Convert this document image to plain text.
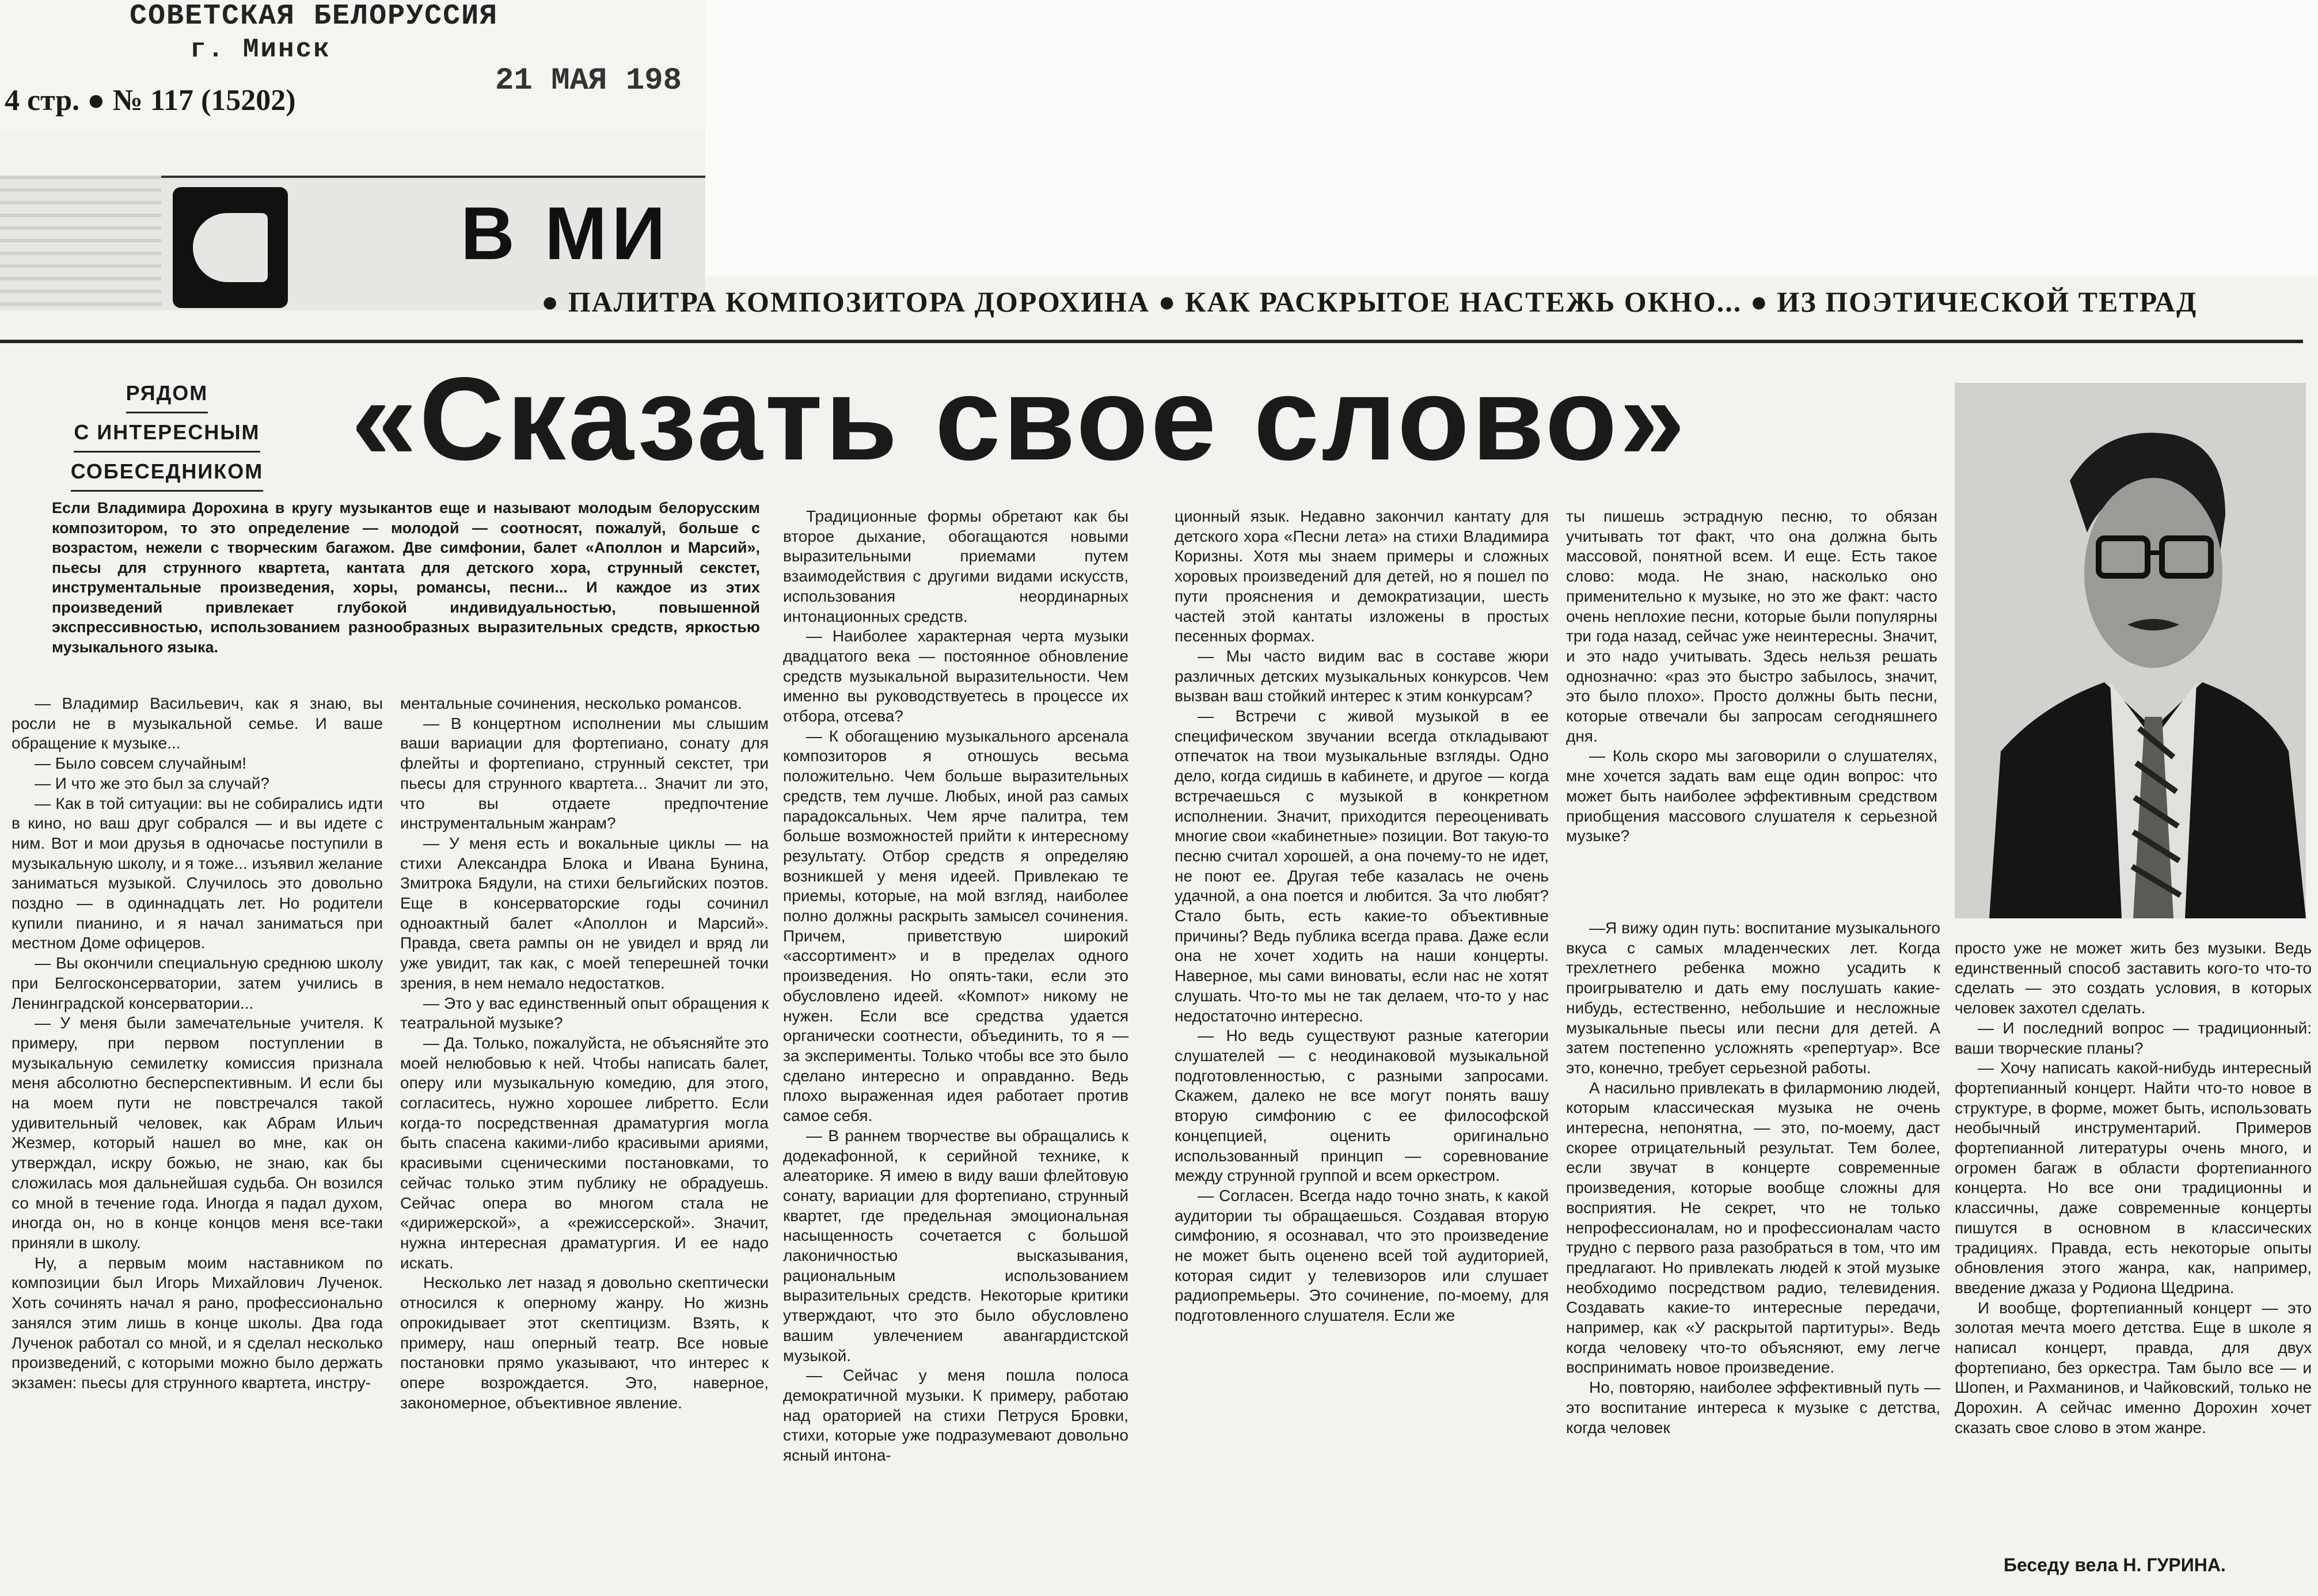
СОВЕТСКАЯ БЕЛОРУССИЯ
г. Минск
21 МАЯ 198
4 стр. ● № 117 (15202)
В МИ
● ПАЛИТРА КОМПОЗИТОРА ДОРОХИНА ● КАК РАСКРЫТОЕ НАСТЕЖЬ ОКНО... ● ИЗ ПОЭТИЧЕСКОЙ ТЕТРАД
РЯДОМ
С ИНТЕРЕСНЫМ
СОБЕСЕДНИКОМ «Сказать свое слово»
Если Владимира Дорохина в кругу музыкантов еще и называют молодым белорусским композитором, то это определение — молодой — соотносят, пожалуй, больше с возрастом, нежели с творческим багажом. Две симфонии, балет «Аполлон и Марсий», пьесы для струнного квартета, кантата для детского хора, струнный секстет, инструментальные произведения, хоры, романсы, песни... И каждое из этих произведений привлекает глубокой индивидуальностью, повышенной экспрессивностью, использованием разнообразных выразительных средств, яркостью музыкального языка.

— Владимир Васильевич, как я знаю, вы росли не в музыкальной семье. И ваше обращение к музыке...

— Было совсем случайным!

— И что же это был за случай?

— Как в той ситуации: вы не собирались идти в кино, но ваш друг собрался — и вы идете с ним. Вот и мои друзья в одночасье поступили в музыкальную школу, и я тоже... изъявил желание заниматься музыкой. Случилось это довольно поздно — в одиннадцать лет. Но родители купили пианино, и я начал заниматься при местном Доме офицеров.

— Вы окончили специальную среднюю школу при Белгосконсерватории, затем учились в Ленинградской консерватории...

— У меня были замечательные учителя. К примеру, при первом поступлении в музыкальную семилетку комиссия признала меня абсолютно бесперспективным. И если бы на моем пути не повстречался такой удивительный человек, как Абрам Ильич Жезмер, который нашел во мне, как он утверждал, искру божью, не знаю, как бы сложилась моя дальнейшая судьба. Он возился со мной в течение года. Иногда я падал духом, иногда он, но в конце концов меня все-таки приняли в школу.

Ну, а первым моим наставником по композиции был Игорь Михайлович Лученок. Хоть сочинять начал я рано, профессионально занялся этим лишь в конце школы. Два года Лученок работал со мной, и я сделал несколько произведений, с которыми можно было держать экзамен: пьесы для струнного квартета, инстру-

ментальные сочинения, несколько романсов.

— В концертном исполнении мы слышим ваши вариации для фортепиано, сонату для флейты и фортепиано, струнный секстет, три пьесы для струнного квартета... Значит ли это, что вы отдаете предпочтение инструментальным жанрам?

— У меня есть и вокальные циклы — на стихи Александра Блока и Ивана Бунина, Змитрока Бядули, на стихи бельгийских поэтов. Еще в консерваторские годы сочинил одноактный балет «Аполлон и Марсий». Правда, света рампы он не увидел и вряд ли уже увидит, так как, с моей теперешней точки зрения, в нем немало недостатков.

— Это у вас единственный опыт обращения к театральной музыке?

— Да. Только, пожалуйста, не объясняйте это моей нелюбовью к ней. Чтобы написать балет, оперу или музыкальную комедию, для этого, согласитесь, нужно хорошее либретто. Если когда-то посредственная драматургия могла быть спасена какими-либо красивыми ариями, красивыми сценическими постановками, то сейчас только этим публику не обрадуешь. Сейчас опера во многом стала не «дирижерской», а «режиссерской». Значит, нужна интересная драматургия. И ее надо искать.

Несколько лет назад я довольно скептически относился к оперному жанру. Но жизнь опрокидывает этот скептицизм. Взять, к примеру, наш оперный театр. Все новые постановки прямо указывают, что интерес к опере возрождается. Это, наверное, закономерное, объективное явление.

Традиционные формы обретают как бы второе дыхание, обогащаются новыми выразительными приемами путем взаимодействия с другими видами искусств, использования неординарных интонационных средств.

— Наиболее характерная черта музыки двадцатого века — постоянное обновление средств музыкальной выразительности. Чем именно вы руководствуетесь в процессе их отбора, отсева?

— К обогащению музыкального арсенала композиторов я отношусь весьма положительно. Чем больше выразительных средств, тем лучше. Любых, иной раз самых парадоксальных. Чем ярче палитра, тем больше возможностей прийти к интересному результату. Отбор средств я определяю возникшей у меня идеей. Привлекаю те приемы, которые, на мой взгляд, наиболее полно должны раскрыть замысел сочинения. Причем, приветствую широкий «ассортимент» и в пределах одного произведения. Но опять-таки, если это обусловлено идеей. «Компот» никому не нужен. Если все средства удается органически соотнести, объединить, то я — за эксперименты. Только чтобы все это было сделано интересно и оправданно. Ведь плохо выраженная идея работает против самое себя.

— В раннем творчестве вы обращались к додекафонной, к серийной технике, к алеаторике. Я имею в виду ваши флейтовую сонату, вариации для фортепиано, струнный квартет, где предельная эмоциональная насыщенность сочетается с большой лаконичностью высказывания, рациональным использованием выразительных средств. Некоторые критики утверждают, что это было обусловлено вашим увлечением авангардистской музыкой.

— Сейчас у меня пошла полоса демократичной музыки. К примеру, работаю над ораторией на стихи Петруся Бровки, стихи, которые уже подразумевают довольно ясный интона-

ционный язык. Недавно закончил кантату для детского хора «Песни лета» на стихи Владимира Коризны. Хотя мы знаем примеры и сложных хоровых произведений для детей, но я пошел по пути прояснения и демократизации, шесть частей этой кантаты изложены в простых песенных формах.

— Мы часто видим вас в составе жюри различных детских музыкальных конкурсов. Чем вызван ваш стойкий интерес к этим конкурсам?

— Встречи с живой музыкой в ее специфическом звучании всегда откладывают отпечаток на твои музыкальные взгляды. Одно дело, когда сидишь в кабинете, и другое — когда встречаешься с музыкой в конкретном исполнении. Значит, приходится переоценивать многие свои «кабинетные» позиции. Вот такую-то песню считал хорошей, а она почему-то не идет, не поют ее. Другая тебе казалась не очень удачной, а она поется и любится. За что любят? Стало быть, есть какие-то объективные причины? Ведь публика всегда права. Даже если она не хочет ходить на наши концерты. Наверное, мы сами виноваты, если нас не хотят слушать. Что-то мы не так делаем, что-то у нас недостаточно интересно.

— Но ведь существуют разные категории слушателей — с неодинаковой музыкальной подготовленностью, с разными запросами. Скажем, далеко не все могут понять вашу вторую симфонию с ее философской концепцией, оценить оригинально использованный принцип — соревнование между струнной группой и всем оркестром.

— Согласен. Всегда надо точно знать, к какой аудитории ты обращаешься. Создавая вторую симфонию, я осознавал, что это произведение не может быть оценено всей той аудиторией, которая сидит у телевизоров или слушает радиопремьеры. Это сочинение, по-моему, для подготовленного слушателя. Если же

ты пишешь эстрадную песню, то обязан учитывать тот факт, что она должна быть массовой, понятной всем. И еще. Есть такое слово: мода. Не знаю, насколько оно применительно к музыке, но это же факт: часто очень неплохие песни, которые были популярны три года назад, сейчас уже неинтересны. Значит, и это надо учитывать. Здесь нельзя решать однозначно: «раз это быстро забылось, значит, это было плохо». Просто должны быть песни, которые отвечали бы запросам сегодняшнего дня.

— Коль скоро мы заговорили о слушателях, мне хочется задать вам еще один вопрос: что может быть наиболее эффективным средством приобщения массового слушателя к серьезной музыке?

—Я вижу один путь: воспитание музыкального вкуса с самых младенческих лет. Когда трехлетнего ребенка можно усадить к проигрывателю и дать ему послушать какие-нибудь, естественно, небольшие и несложные музыкальные пьесы или песни для детей. А затем постепенно усложнять «репертуар». Все это, конечно, требует серьезной работы.

А насильно привлекать в филармонию людей, которым классическая музыка не очень интересна, непонятна, — это, по-моему, даст скорее отрицательный результат. Тем более, если звучат в концерте современные произведения, которые вообще сложны для восприятия. Не секрет, что не только непрофессионалам, но и профессионалам часто трудно с первого раза разобраться в том, что им предлагают. Но привлекать людей к этой музыке необходимо посредством радио, телевидения. Создавать какие-то интересные передачи, например, как «У раскрытой партитуры». Ведь когда человеку что-то объясняют, ему легче воспринимать новое произведение.

Но, повторяю, наиболее эффективный путь — это воспитание интереса к музыке с детства, когда человек

просто уже не может жить без музыки. Ведь единственный способ заставить кого-то что-то сделать — это создать условия, в которых человек захотел сделать.

— И последний вопрос — традиционный: ваши творческие планы?

— Хочу написать какой-нибудь интересный фортепианный концерт. Найти что-то новое в структуре, в форме, может быть, использовать необычный инструментарий. Примеров фортепианной литературы очень много, и огромен багаж в области фортепианного концерта. Но все они традиционны и классичны, даже современные концерты пишутся в основном в классических традициях. Правда, есть некоторые опыты обновления этого жанра, как, например, введение джаза у Родиона Щедрина.

И вообще, фортепианный концерт — это золотая мечта моего детства. Еще в школе я написал концерт, правда, для двух фортепиано, без оркестра. Там было все — и Шопен, и Рахманинов, и Чайковский, только не Дорохин. А сейчас именно Дорохин хочет сказать свое слово в этом жанре.

Беседу вела Н. ГУРИНА.
